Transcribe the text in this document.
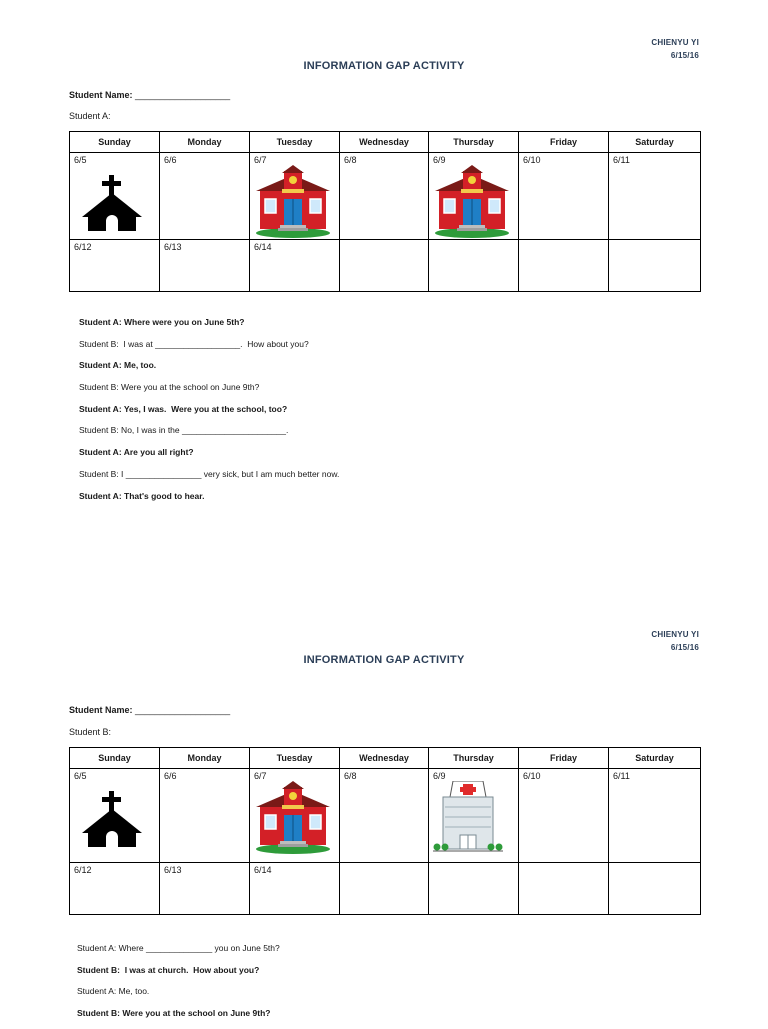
CHIENYU YI
6/15/16
INFORMATION GAP ACTIVITY
Student Name: ___________________
Student A:
Sunday	Monday	Tuesday	Wednesday	Thursday	Friday	Saturday

6/5	6/6	6/7	6/8	6/9	6/10	6/11

6/12	6/13	6/14				

Student A: Where were you on June 5th?
Student B:  I was at __________________.  How about you?
Student A: Me, too.
Student B: Were you at the school on June 9th?
Student A: Yes, I was.  Were you at the school, too?
Student B: No, I was in the ______________________.
Student A: Are you all right?
Student B: I ________________ very sick, but I am much better now.
Student A: That's good to hear.
CHIENYU YI
6/15/16
INFORMATION GAP ACTIVITY
Student Name: ___________________
Student B:
Sunday	Monday	Tuesday	Wednesday	Thursday	Friday	Saturday

6/5	6/6	6/7	6/8	6/9	6/10	6/11

6/12	6/13	6/14				

Student A: Where ______________ you on June 5th?
Student B:  I was at church.  How about you?
Student A: Me, too.
Student B: Were you at the school on June 9th?
